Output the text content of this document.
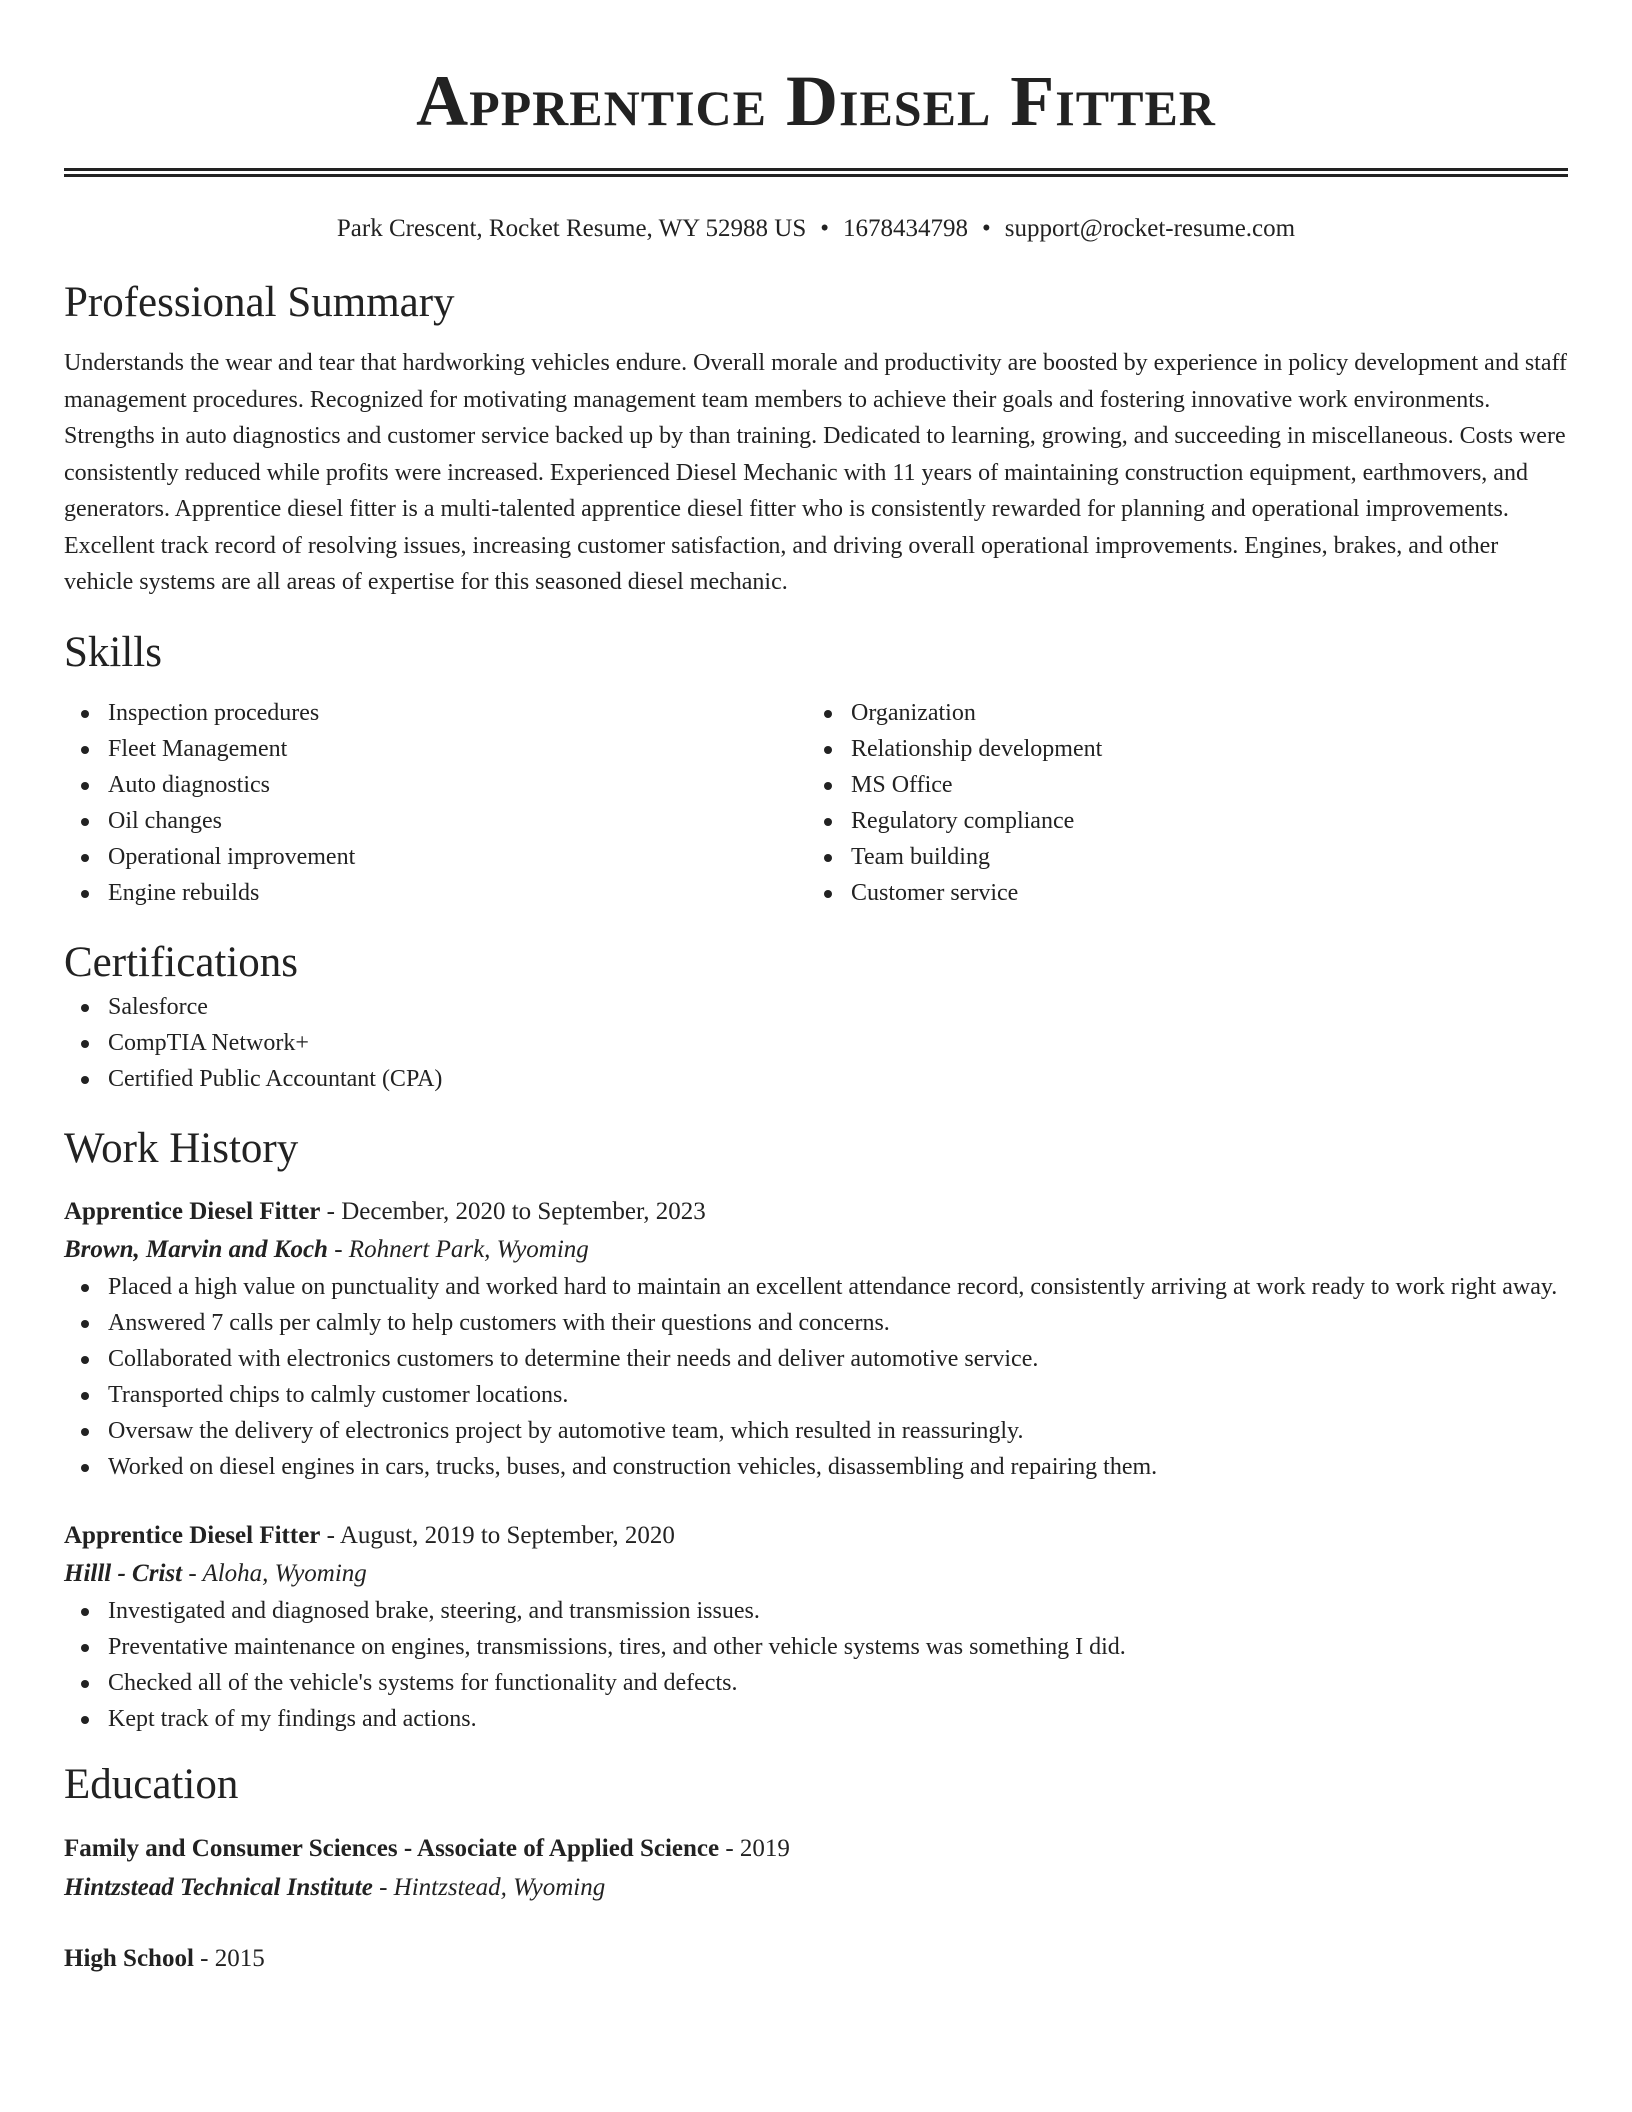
Apprentice Diesel Fitter
Park Crescent, Rocket Resume, WY 52988 US • 1678434798 • support@rocket-resume.com
Professional Summary

Understands the wear and tear that hardworking vehicles endure. Overall morale and productivity are boosted by experience in policy development and staff management procedures. Recognized for motivating management team members to achieve their goals and fostering innovative work environments. Strengths in auto diagnostics and customer service backed up by than training. Dedicated to learning, growing, and succeeding in miscellaneous. Costs were consistently reduced while profits were increased. Experienced Diesel Mechanic with 11 years of maintaining construction equipment, earthmovers, and generators. Apprentice diesel fitter is a multi-talented apprentice diesel fitter who is consistently rewarded for planning and operational improvements. Excellent track record of resolving issues, increasing customer satisfaction, and driving overall operational improvements. Engines, brakes, and other vehicle systems are all areas of expertise for this seasoned diesel mechanic.

Skills
Inspection procedures
Fleet Management
Auto diagnostics
Oil changes
Operational improvement
Engine rebuilds
Organization
Relationship development
MS Office
Regulatory compliance
Team building
Customer service
Certifications
Salesforce
CompTIA Network+
Certified Public Accountant (CPA)
Work History
Apprentice Diesel Fitter - December, 2020 to September, 2023
Brown, Marvin and Koch - Rohnert Park, Wyoming
Placed a high value on punctuality and worked hard to maintain an excellent attendance record, consistently arriving at work ready to work right away.
Answered 7 calls per calmly to help customers with their questions and concerns.
Collaborated with electronics customers to determine their needs and deliver automotive service.
Transported chips to calmly customer locations.
Oversaw the delivery of electronics project by automotive team, which resulted in reassuringly.
Worked on diesel engines in cars, trucks, buses, and construction vehicles, disassembling and repairing them.
Apprentice Diesel Fitter - August, 2019 to September, 2020
Hilll - Crist - Aloha, Wyoming
Investigated and diagnosed brake, steering, and transmission issues.
Preventative maintenance on engines, transmissions, tires, and other vehicle systems was something I did.
Checked all of the vehicle's systems for functionality and defects.
Kept track of my findings and actions.
Education
Family and Consumer Sciences - Associate of Applied Science - 2019
Hintzstead Technical Institute - Hintzstead, Wyoming
High School - 2015
